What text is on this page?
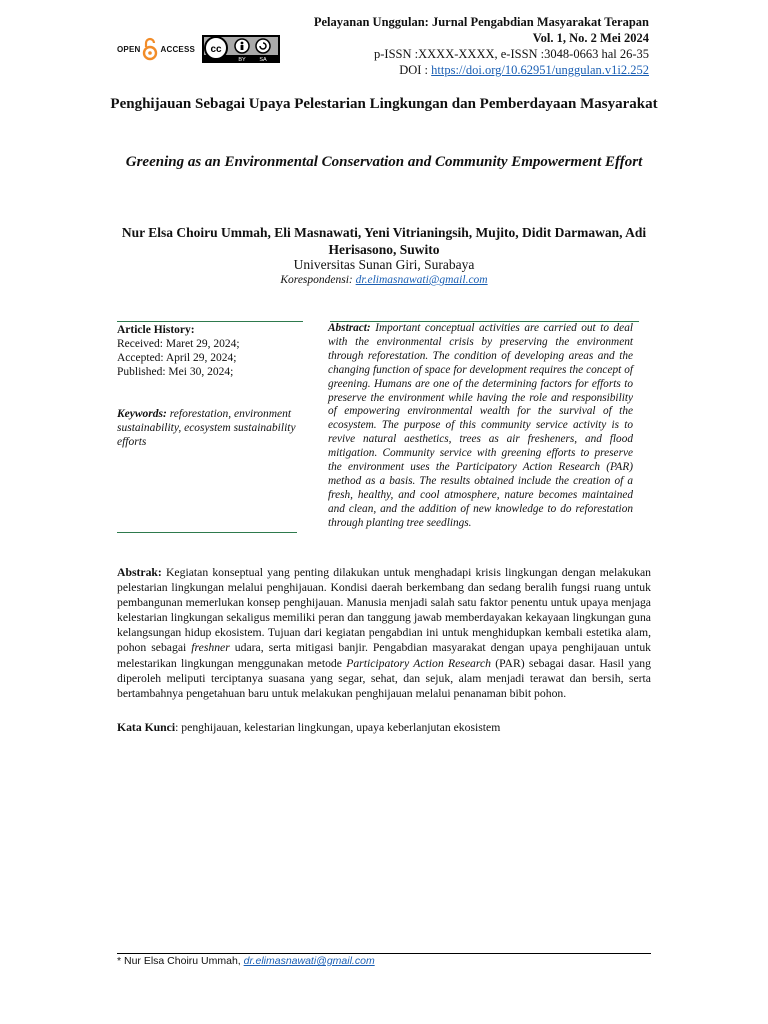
Pelayanan Unggulan: Jurnal Pengabdian Masyarakat Terapan
Vol. 1, No. 2 Mei 2024
p-ISSN :XXXX-XXXX, e-ISSN :3048-0663 hal 26-35
DOI : https://doi.org/10.62951/unggulan.v1i2.252
OPEN	ACCESS cc
BY SA
Penghijauan Sebagai Upaya Pelestarian Lingkungan dan Pemberdayaan Masyarakat
Greening as an Environmental Conservation and Community Empowerment Effort
Nur Elsa Choiru Ummah, Eli Masnawati, Yeni Vitrianingsih, Mujito, Didit Darmawan, Adi Herisasono, Suwito
Universitas Sunan Giri, Surabaya
Korespondensi: dr.elimasnawati@gmail.com
Article History:
Received: Maret 29, 2024;
Accepted: April 29, 2024;
Published: Mei 30, 2024;
Keywords: reforestation, environment sustainability, ecosystem sustainability efforts
Abstract: Important conceptual activities are carried out to deal with the environmental crisis by preserving the environment through reforestation. The condition of developing areas and the changing function of space for development requires the concept of greening. Humans are one of the determining factors for efforts to preserve the environment while having the role and responsibility of empowering environmental wealth for the survival of the ecosystem. The purpose of this community service activity is to revive natural aesthetics, trees as air fresheners, and flood mitigation. Community service with greening efforts to preserve the environment uses the Participatory Action Research (PAR) method as a basis. The results obtained include the creation of a fresh, healthy, and cool atmosphere, nature becomes maintained and clean, and the addition of new knowledge to do reforestation through planting tree seedlings.
Abstrak: Kegiatan konseptual yang penting dilakukan untuk menghadapi krisis lingkungan dengan melakukan pelestarian lingkungan melalui penghijauan. Kondisi daerah berkembang dan sedang beralih fungsi ruang untuk pembangunan memerlukan konsep penghijauan. Manusia menjadi salah satu faktor penentu untuk upaya menjaga kelestarian lingkungan sekaligus memiliki peran dan tanggung jawab memberdayakan kekayaan lingkungan guna kelangsungan hidup ekosistem. Tujuan dari kegiatan pengabdian ini untuk menghidupkan kembali estetika alam, pohon sebagai freshner udara, serta mitigasi banjir. Pengabdian masyarakat dengan upaya penghijauan untuk melestarikan lingkungan menggunakan metode Participatory Action Research (PAR) sebagai dasar. Hasil yang diperoleh meliputi terciptanya suasana yang segar, sehat, dan sejuk, alam menjadi terawat dan bersih, serta bertambahnya pengetahuan baru untuk melakukan penghijauan melalui penanaman bibit pohon.
Kata Kunci: penghijauan, kelestarian lingkungan, upaya keberlanjutan ekosistem
* Nur Elsa Choiru Ummah, dr.elimasnawati@gmail.com
